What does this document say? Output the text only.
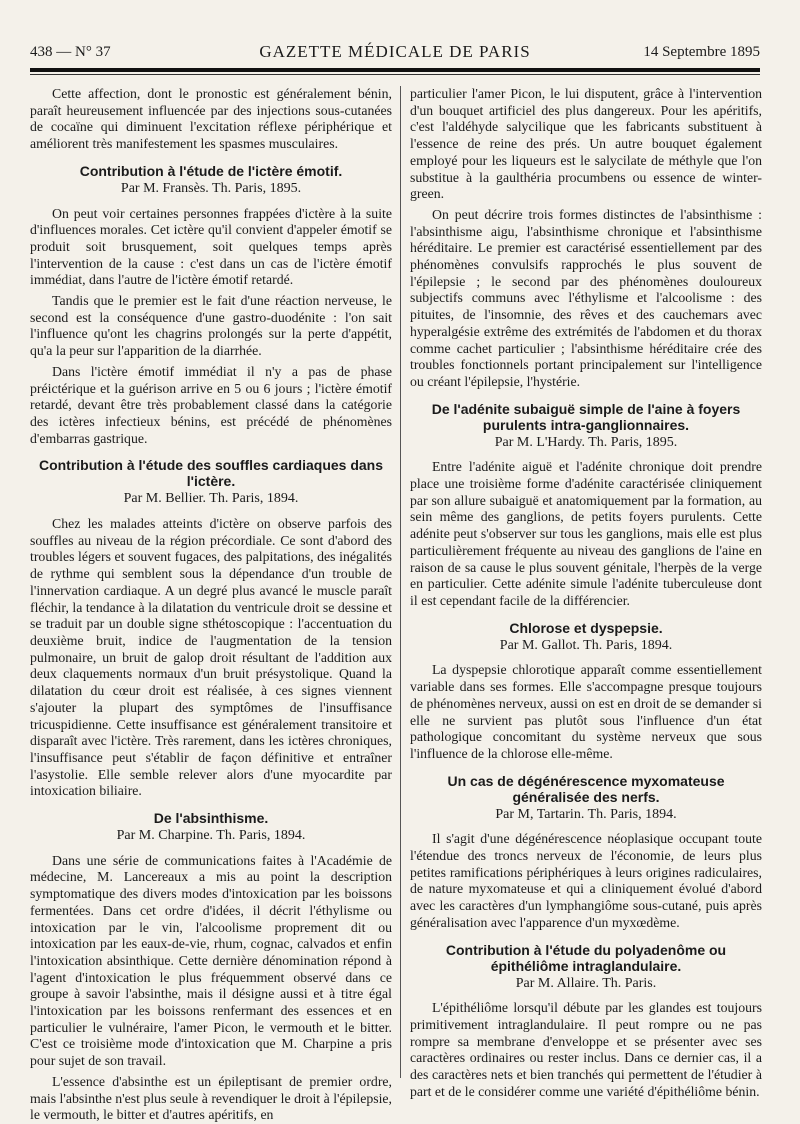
438 — N° 37	GAZETTE MÉDICALE DE PARIS	14 Septembre 1895

Cette affection, dont le pronostic est généralement bénin, paraît heureusement influencée par des injections sous-cutanées de cocaïne qui diminuent l'excitation réflexe périphérique et améliorent très manifestement les spasmes musculaires.

Contribution à l'étude de l'ictère émotif.
Par M. Fransès. Th. Paris, 1895.

On peut voir certaines personnes frappées d'ictère à la suite d'influences morales. Cet ictère qu'il convient d'appeler émotif se produit soit brusquement, soit quelques temps après l'intervention de la cause : c'est dans un cas de l'ictère émotif immédiat, dans l'autre de l'ictère émotif retardé.

Tandis que le premier est le fait d'une réaction nerveuse, le second est la conséquence d'une gastro-duodénite : l'on sait l'influence qu'ont les chagrins prolongés sur la perte d'appétit, qu'a la peur sur l'apparition de la diarrhée.

Dans l'ictère émotif immédiat il n'y a pas de phase préictérique et la guérison arrive en 5 ou 6 jours ; l'ictère émotif retardé, devant être très probablement classé dans la catégorie des ictères infectieux bénins, est précédé de phénomènes d'embarras gastrique.

Contribution à l'étude des souffles cardiaques dans l'ictère.
Par M. Bellier. Th. Paris, 1894.

Chez les malades atteints d'ictère on observe parfois des souffles au niveau de la région précordiale. Ce sont d'abord des troubles légers et souvent fugaces, des palpitations, des inégalités de rythme qui semblent sous la dépendance d'un trouble de l'innervation cardiaque. A un degré plus avancé le muscle paraît fléchir, la tendance à la dilatation du ventricule droit se dessine et se traduit par un double signe sthétoscopique : l'accentuation du deuxième bruit, indice de l'augmentation de la tension pulmonaire, un bruit de galop droit résultant de l'addition aux deux claquements normaux d'un bruit présystolique. Quand la dilatation du cœur droit est réalisée, à ces signes viennent s'ajouter la plupart des symptômes de l'insuffisance tricuspidienne. Cette insuffisance est généralement transitoire et disparaît avec l'ictère. Très rarement, dans les ictères chroniques, l'insuffisance peut s'établir de façon définitive et entraîner l'asystolie. Elle semble relever alors d'une myocardite par intoxication biliaire.

De l'absinthisme.
Par M. Charpine. Th. Paris, 1894.

Dans une série de communications faites à l'Académie de médecine, M. Lancereaux a mis au point la description symptomatique des divers modes d'intoxication par les boissons fermentées. Dans cet ordre d'idées, il décrit l'éthylisme ou intoxication par le vin, l'alcoolisme proprement dit ou intoxication par les eaux-de-vie, rhum, cognac, calvados et enfin l'intoxication absinthique. Cette dernière dénomination répond à l'agent d'intoxication le plus fréquemment observé dans ce groupe à savoir l'absinthe, mais il désigne aussi et à titre égal l'intoxication par les boissons renfermant des essences et en particulier le vulnéraire, l'amer Picon, le vermouth et le bitter. C'est ce troisième mode d'intoxication que M. Charpine a pris pour sujet de son travail.

L'essence d'absinthe est un épileptisant de premier ordre, mais l'absinthe n'est plus seule à revendiquer le droit à l'épilepsie, le vermouth, le bitter et d'autres apéritifs, en

particulier l'amer Picon, le lui disputent, grâce à l'intervention d'un bouquet artificiel des plus dangereux. Pour les apéritifs, c'est l'aldéhyde salycilique que les fabricants substituent à l'essence de reine des prés. Un autre bouquet également employé pour les liqueurs est le salycilate de méthyle que l'on substitue à la gaulthéria procumbens ou essence de winter-green.

On peut décrire trois formes distinctes de l'absinthisme : l'absinthisme aigu, l'absinthisme chronique et l'absinthisme héréditaire. Le premier est caractérisé essentiellement par des phénomènes convulsifs rapprochés le plus souvent de l'épilepsie ; le second par des phénomènes douloureux subjectifs communs avec l'éthylisme et l'alcoolisme : des pituites, de l'insomnie, des rêves et des cauchemars avec hyperalgésie extrême des extrémités de l'abdomen et du thorax comme cachet particulier ; l'absinthisme héréditaire crée des troubles fonctionnels portant principalement sur l'intelligence ou créant l'épilepsie, l'hystérie.

De l'adénite subaiguë simple de l'aine à foyers purulents intra-ganglionnaires.
Par M. L'Hardy. Th. Paris, 1895.

Entre l'adénite aiguë et l'adénite chronique doit prendre place une troisième forme d'adénite caractérisée cliniquement par son allure subaiguë et anatomiquement par la formation, au sein même des ganglions, de petits foyers purulents. Cette adénite peut s'observer sur tous les ganglions, mais elle est plus particulièrement fréquente au niveau des ganglions de l'aine en raison de sa cause le plus souvent génitale, l'herpès de la verge en particulier. Cette adénite simule l'adénite tuberculeuse dont il est cependant facile de la différencier.

Chlorose et dyspepsie.
Par M. Gallot. Th. Paris, 1894.

La dyspepsie chlorotique apparaît comme essentiellement variable dans ses formes. Elle s'accompagne presque toujours de phénomènes nerveux, aussi on est en droit de se demander si elle ne survient pas plutôt sous l'influence d'un état pathologique concomitant du système nerveux que sous l'influence de la chlorose elle-même.

Un cas de dégénérescence myxomateuse généralisée des nerfs.
Par M, Tartarin. Th. Paris, 1894.

Il s'agit d'une dégénérescence néoplasique occupant toute l'étendue des troncs nerveux de l'économie, de leurs plus petites ramifications périphériques à leurs origines radiculaires, de nature myxomateuse et qui a cliniquement évolué d'abord avec les caractères d'un lymphangiôme sous-cutané, puis après généralisation avec l'apparence d'un myxœdème.

Contribution à l'étude du polyadenôme ou épithéliôme intraglandulaire.
Par M. Allaire. Th. Paris.

L'épithéliôme lorsqu'il débute par les glandes est toujours primitivement intraglandulaire. Il peut rompre ou ne pas rompre sa membrane d'enveloppe et se présenter avec ses caractères ordinaires ou rester inclus. Dans ce dernier cas, il a des caractères nets et bien tranchés qui permettent de l'étudier à part et de le considérer comme une variété d'épithéliôme bénin.
